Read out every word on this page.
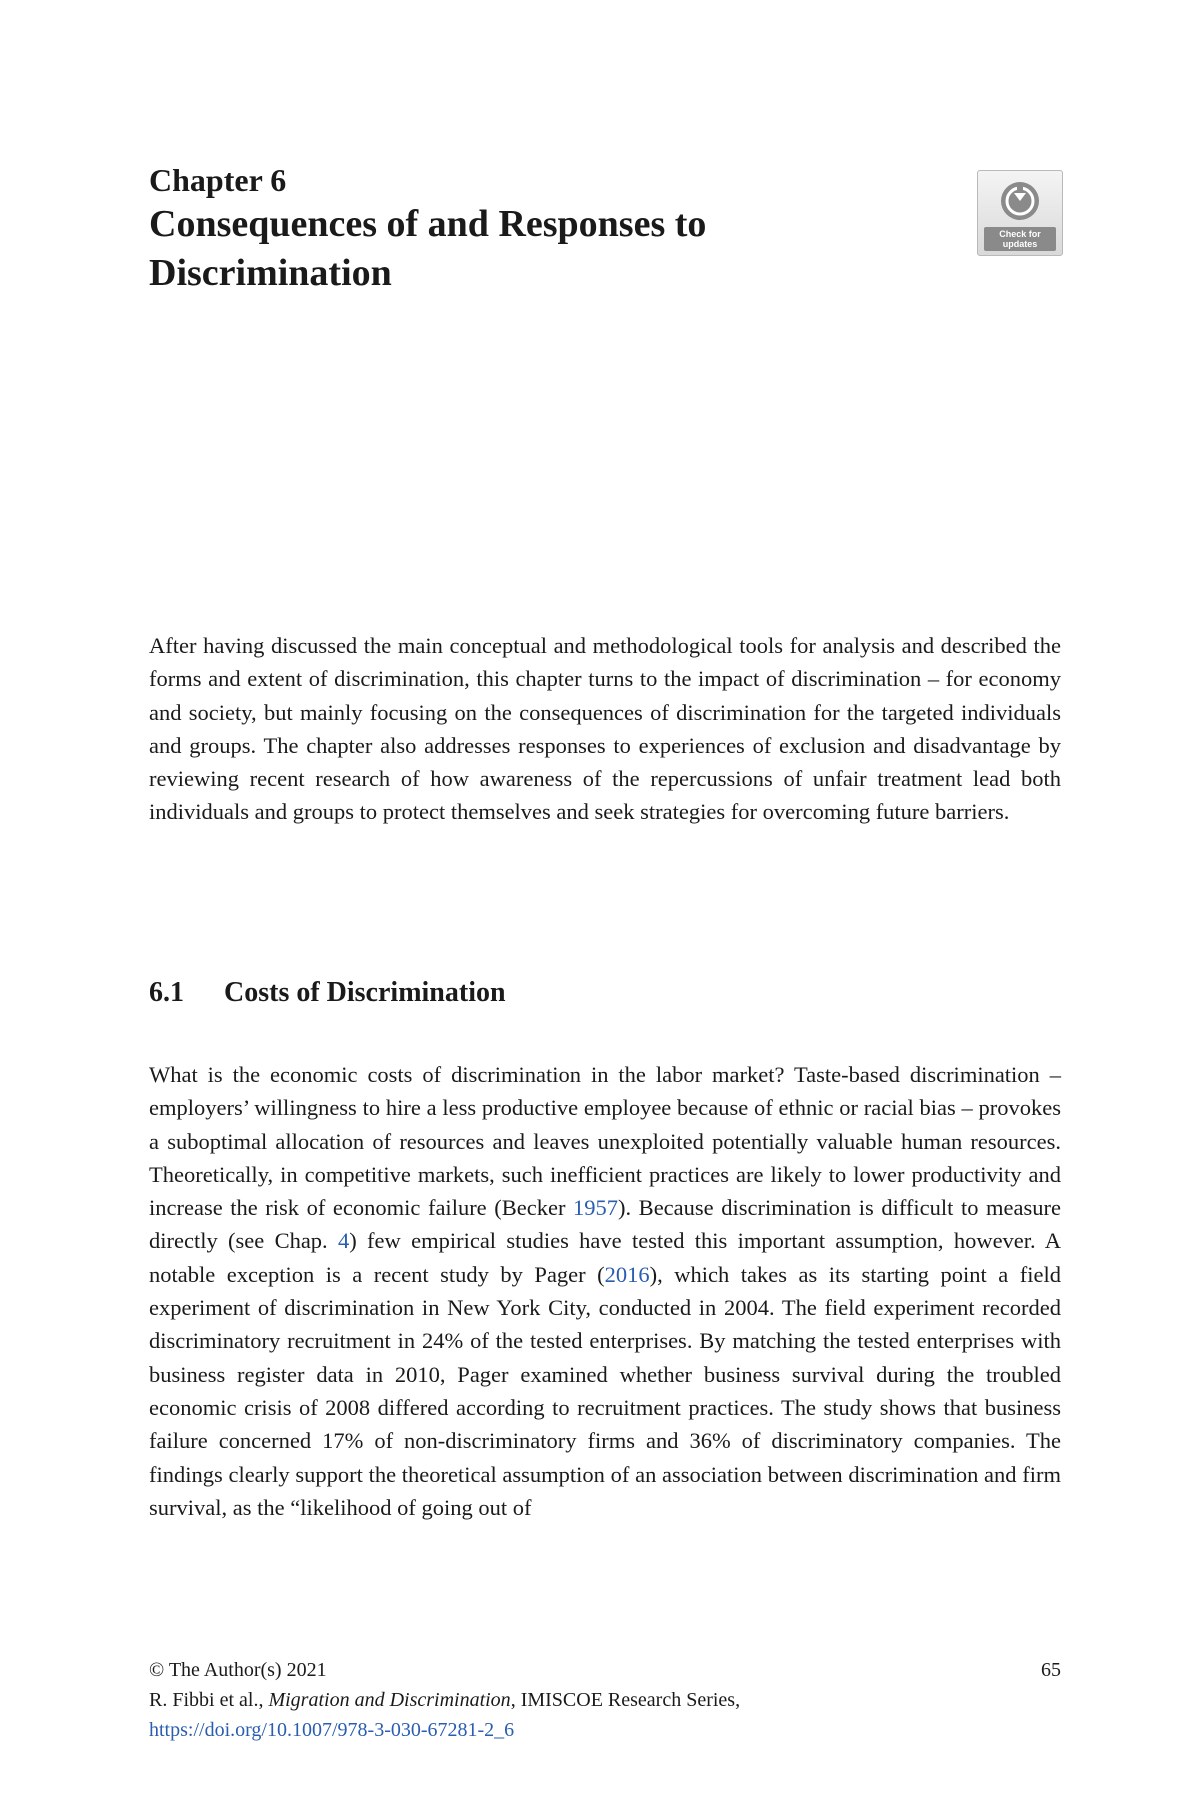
Chapter 6

Consequences of and Responses to Discrimination

Check for updates

After having discussed the main conceptual and methodological tools for analysis and described the forms and extent of discrimination, this chapter turns to the impact of discrimination – for economy and society, but mainly focusing on the consequences of discrimination for the targeted individuals and groups. The chapter also addresses responses to experiences of exclusion and disadvantage by reviewing recent research of how awareness of the repercussions of unfair treatment lead both individuals and groups to protect themselves and seek strategies for overcoming future barriers.

6.1 Costs of Discrimination

What is the economic costs of discrimination in the labor market? Taste-based discrimination – employers’ willingness to hire a less productive employee because of ethnic or racial bias – provokes a suboptimal allocation of resources and leaves unexploited potentially valuable human resources. Theoretically, in competitive markets, such inefficient practices are likely to lower productivity and increase the risk of economic failure (Becker 1957). Because discrimination is difficult to measure directly (see Chap. 4) few empirical studies have tested this important assumption, however. A notable exception is a recent study by Pager (2016), which takes as its starting point a field experiment of discrimination in New York City, conducted in 2004. The field experiment recorded discriminatory recruitment in 24% of the tested enterprises. By matching the tested enterprises with business register data in 2010, Pager examined whether business survival during the troubled economic crisis of 2008 differed according to recruitment practices. The study shows that business failure concerned 17% of non-discriminatory firms and 36% of discriminatory companies. The findings clearly support the theoretical assumption of an association between discrimination and firm survival, as the “likelihood of going out of

© The Author(s) 2021	65
R. Fibbi et al., Migration and Discrimination, IMISCOE Research Series,
https://doi.org/10.1007/978-3-030-67281-2_6
